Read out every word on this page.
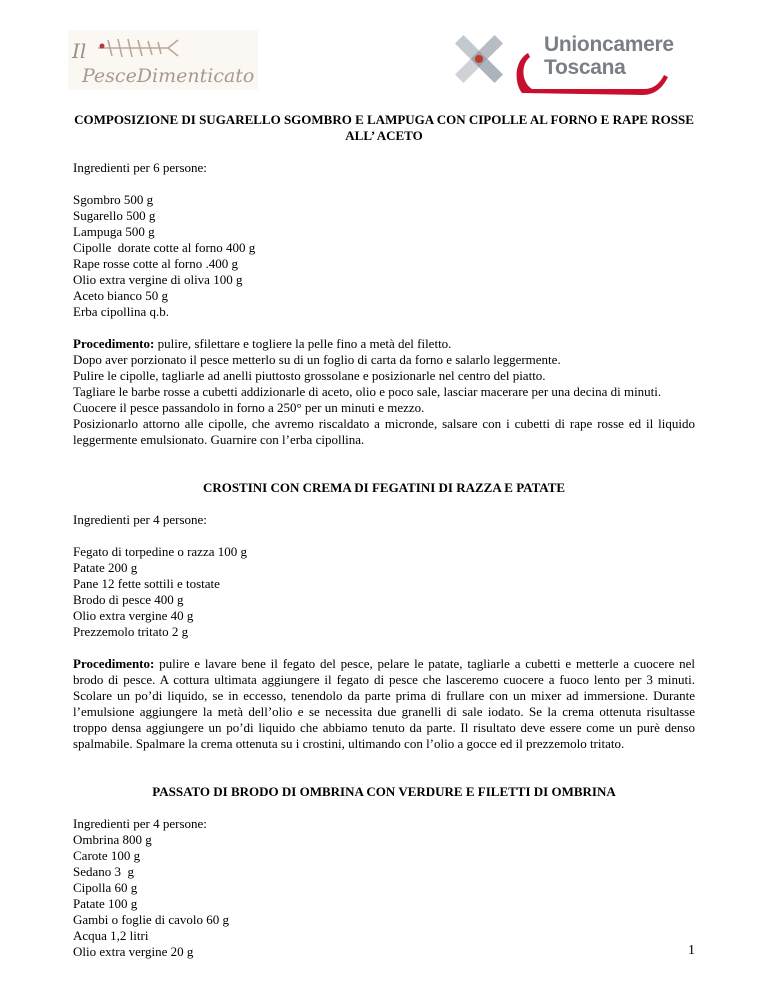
Il
PesceDimenticato
Unioncamere
Toscana

COMPOSIZIONE DI SUGARELLO SGOMBRO E LAMPUGA CON CIPOLLE AL FORNO E RAPE ROSSE ALL’ ACETO

Ingredienti per 6 persone:

Sgombro 500 g

Sugarello 500 g

Lampuga 500 g

Cipolle  dorate cotte al forno 400 g

Rape rosse cotte al forno .400 g

Olio extra vergine di oliva 100 g

Aceto bianco 50 g

Erba cipollina q.b.

Procedimento: pulire, sfilettare e togliere la pelle fino a metà del filetto.

Dopo aver porzionato il pesce metterlo su di un foglio di carta da forno e salarlo leggermente.

Pulire le cipolle, tagliarle ad anelli piuttosto grossolane e posizionarle nel centro del piatto.

Tagliare le barbe rosse a cubetti addizionarle di aceto, olio e poco sale, lasciar macerare per una decina di minuti.

Cuocere il pesce passandolo in forno a 250° per un minuti e mezzo.

Posizionarlo attorno alle cipolle, che avremo riscaldato a micronde, salsare con i cubetti di rape rosse ed il liquido leggermente emulsionato. Guarnire con l’erba cipollina.

CROSTINI CON CREMA DI FEGATINI DI RAZZA E PATATE

Ingredienti per 4 persone:

Fegato di torpedine o razza 100 g

Patate 200 g

Pane 12 fette sottili e tostate

Brodo di pesce 400 g

Olio extra vergine 40 g

Prezzemolo tritato 2 g

Procedimento: pulire e lavare bene il fegato del pesce, pelare le patate, tagliarle a cubetti e metterle a cuocere nel brodo di pesce. A cottura ultimata aggiungere il fegato di pesce che lasceremo cuocere a fuoco lento per 3 minuti. Scolare un po’di liquido, se in eccesso, tenendolo da parte prima di frullare con un mixer ad immersione. Durante l’emulsione aggiungere la metà dell’olio e se necessita due granelli di sale iodato. Se la crema ottenuta risultasse troppo densa aggiungere un po’di liquido che abbiamo tenuto da parte. Il risultato deve essere come un purè denso spalmabile. Spalmare la crema ottenuta su i crostini, ultimando con l’olio a gocce ed il prezzemolo tritato.

PASSATO DI BRODO DI OMBRINA CON VERDURE E FILETTI DI OMBRINA

Ingredienti per 4 persone:

Ombrina 800 g

Carote 100 g

Sedano 3  g

Cipolla 60 g

Patate 100 g

Gambi o foglie di cavolo 60 g

Acqua 1,2 litri

Olio extra vergine 20 g	1
